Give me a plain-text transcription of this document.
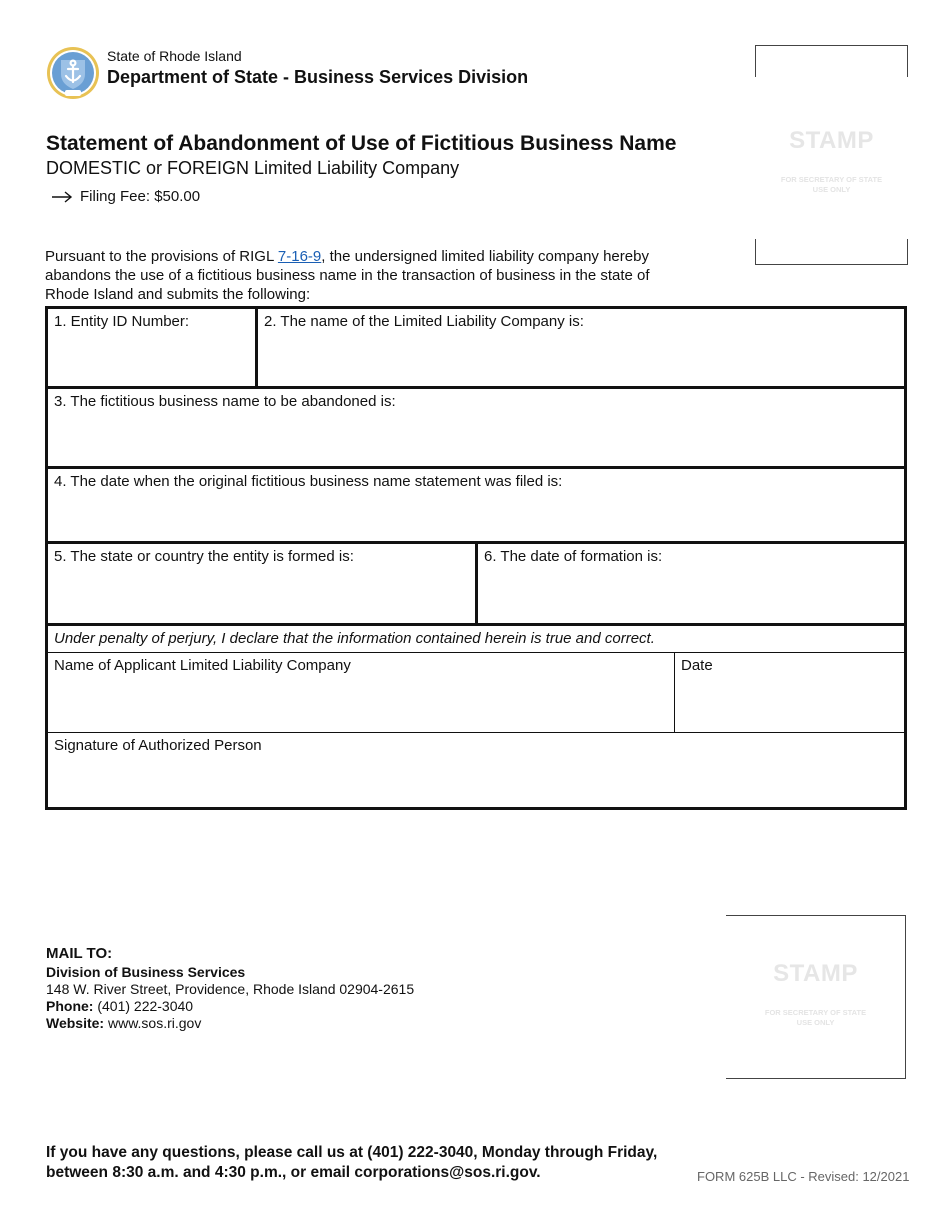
State of Rhode Island
Department of State - Business Services Division
Statement of Abandonment of Use of Fictitious Business Name
DOMESTIC or FOREIGN Limited Liability Company
Filing Fee: $50.00
STAMP
FOR SECRETARY OF STATE USE ONLY
Pursuant to the provisions of RIGL 7-16-9, the undersigned limited liability company hereby abandons the use of a fictitious business name in the transaction of business in the state of Rhode Island and submits the following:
1. Entity ID Number:	2. The name of the Limited Liability Company is:
3. The fictitious business name to be abandoned is:
4. The date when the original fictitious business name statement was filed is:
5. The state or country the entity is formed is:	6. The date of formation is:
Under penalty of perjury, I declare that the information contained herein is true and correct.
Name of Applicant Limited Liability Company	Date
Signature of Authorized Person
STAMP
FOR SECRETARY OF STATE USE ONLY
MAIL TO:
Division of Business Services
148 W. River Street, Providence, Rhode Island 02904-2615
Phone: (401) 222-3040
Website: www.sos.ri.gov
If you have any questions, please call us at (401) 222-3040, Monday through Friday,
between 8:30 a.m. and 4:30 p.m., or email corporations@sos.ri.gov.	FORM 625B LLC - Revised: 12/2021
